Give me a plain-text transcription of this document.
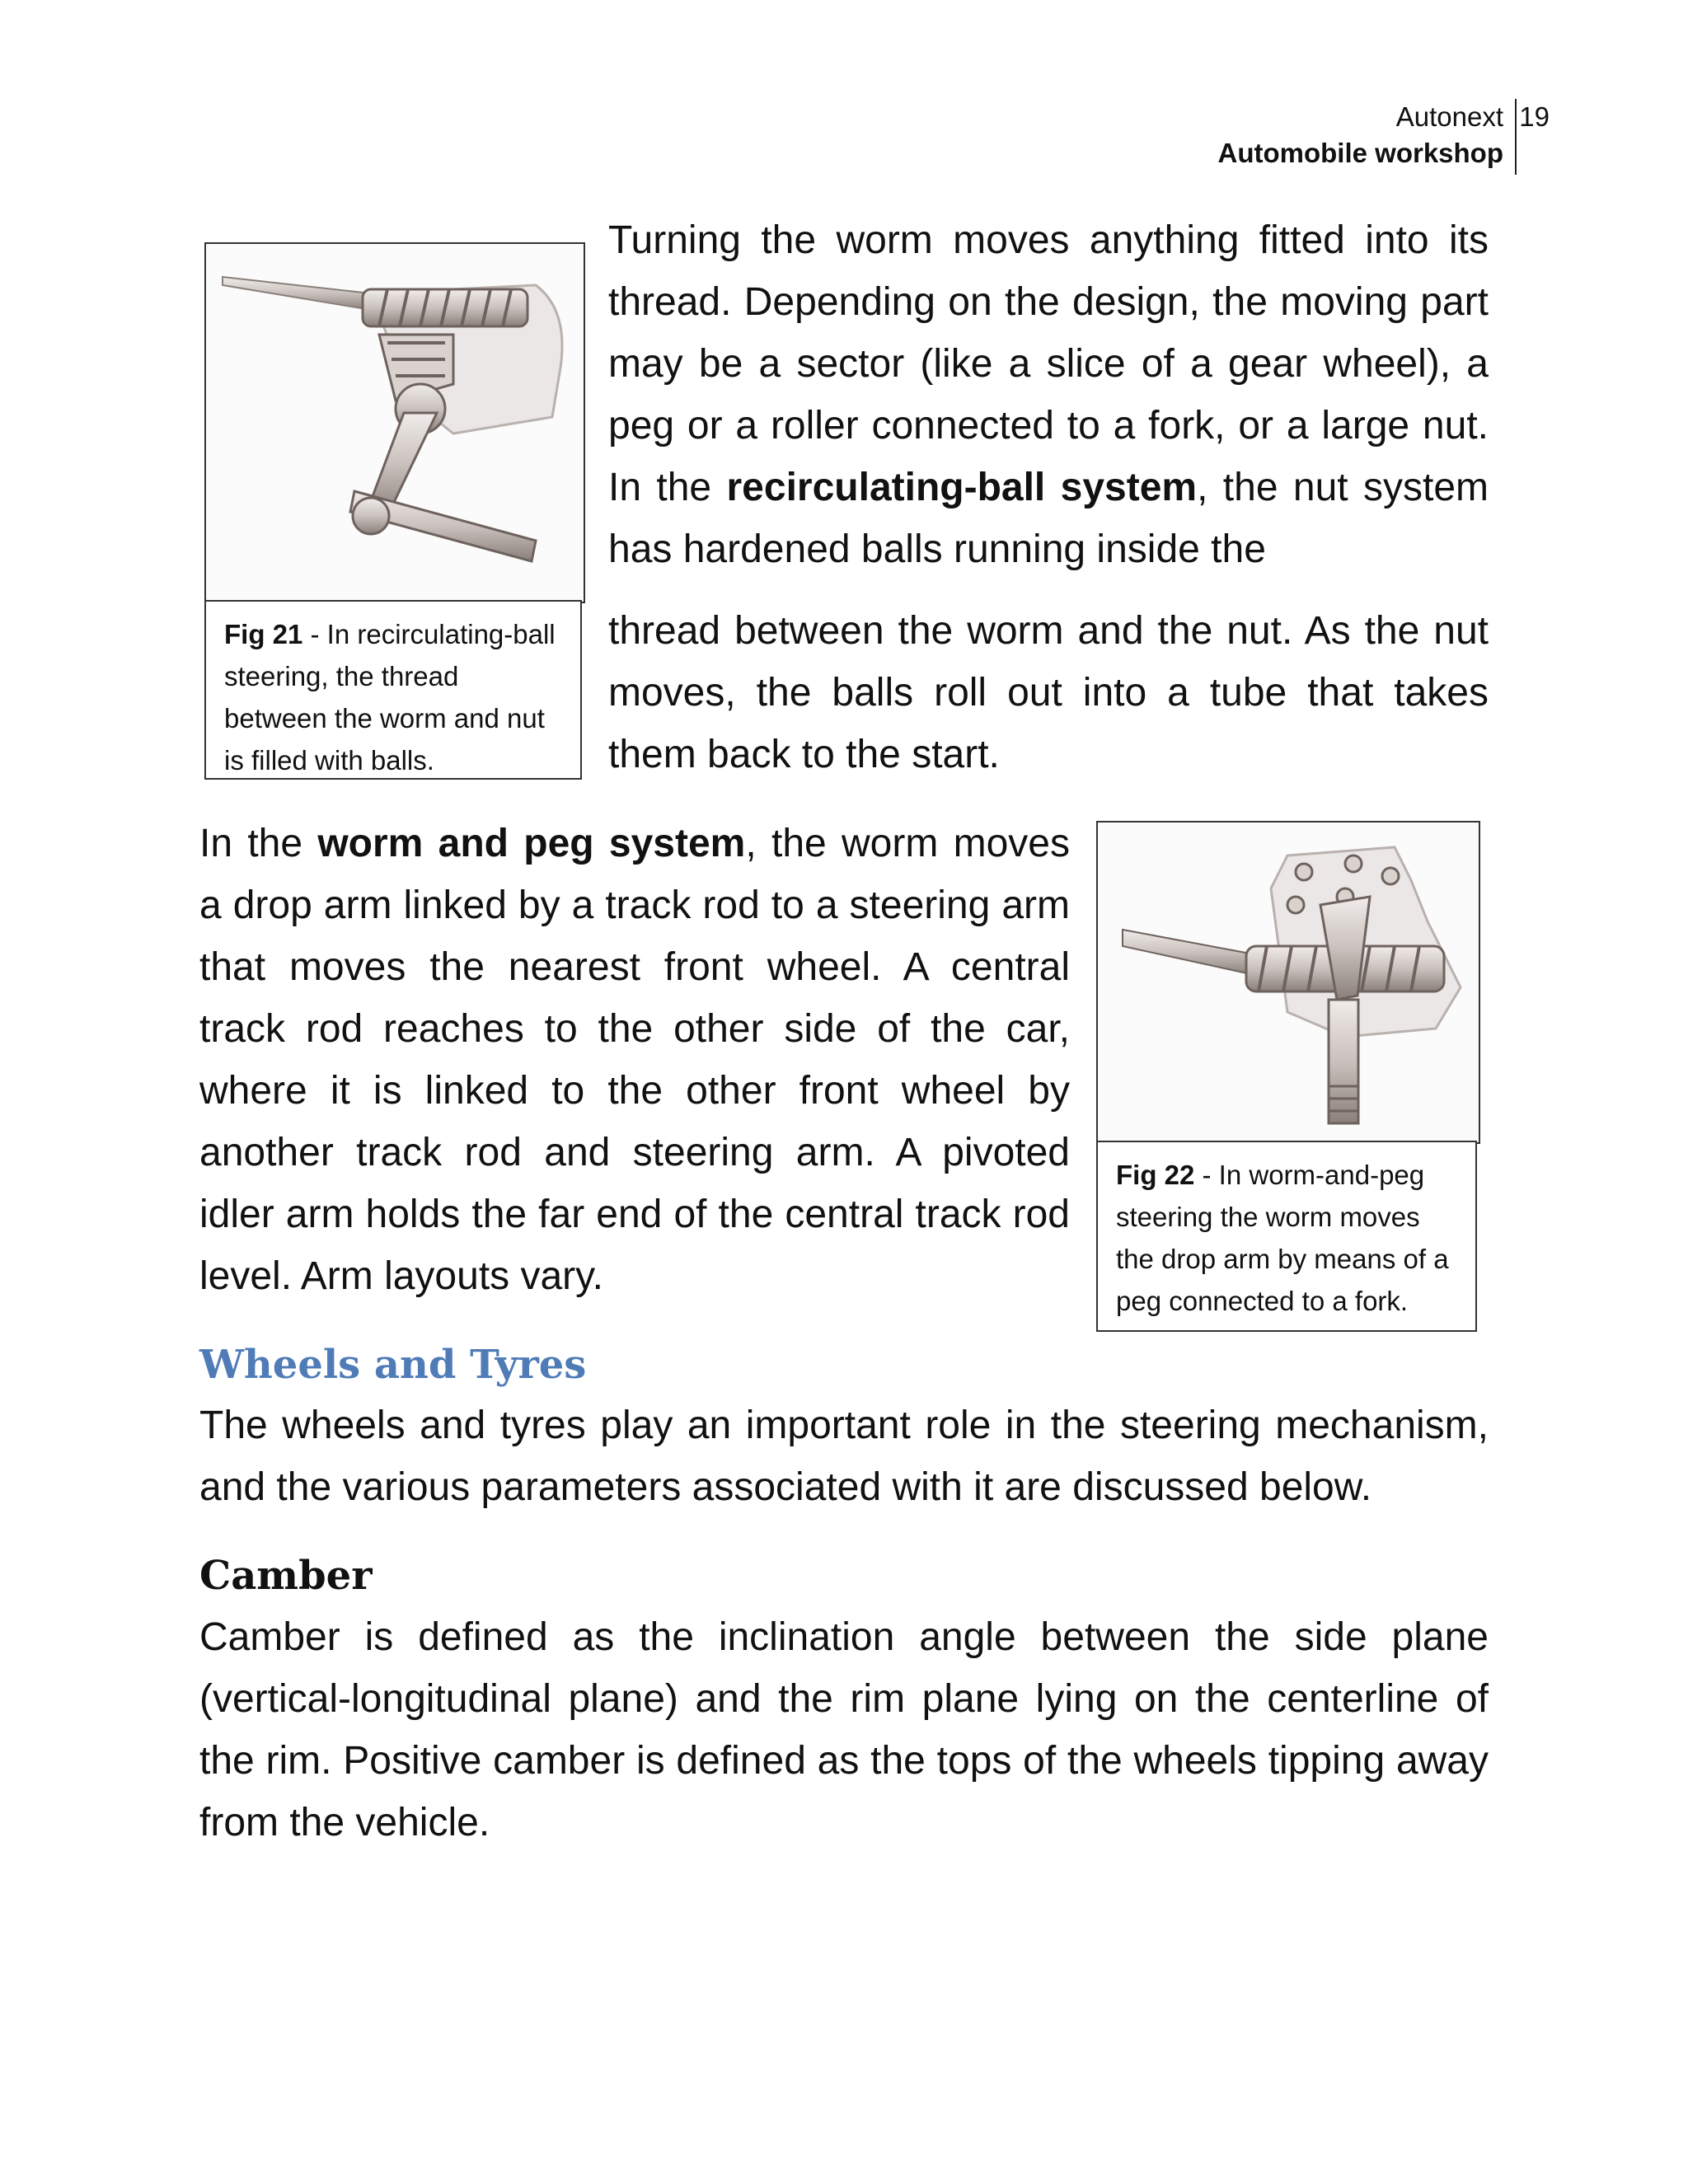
Autonext
Automobile workshop
19
Fig 21 - In recirculating-ball steering, the thread between the worm and nut is filled with balls.

Turning the worm moves anything fitted into its thread. Depending on the design, the moving part may be a sector (like a slice of a gear wheel), a peg or a roller connected to a fork, or a large nut. In the recirculating-ball system, the nut system has hardened balls running inside the

thread between the worm and the nut. As the nut moves, the balls roll out into a tube that takes them back to the start.

In the worm and peg system, the worm moves a drop arm linked by a track rod to a steering arm that moves the nearest front wheel. A central track rod reaches to the other side of the car, where it is linked to the other front wheel by another track rod and steering arm. A pivoted idler arm holds the far end of the central track rod level. Arm layouts vary.

Fig 22 - In worm-and-peg steering the worm moves the drop arm by means of a peg connected to a fork.
Wheels and Tyres

The wheels and tyres play an important role in the steering mechanism, and the various parameters associated with it are discussed below.

Camber

Camber is defined as the inclination angle between the side plane (vertical-longitudinal plane) and the rim plane lying on the centerline of the rim. Positive camber is defined as the tops of the wheels tipping away from the vehicle.
